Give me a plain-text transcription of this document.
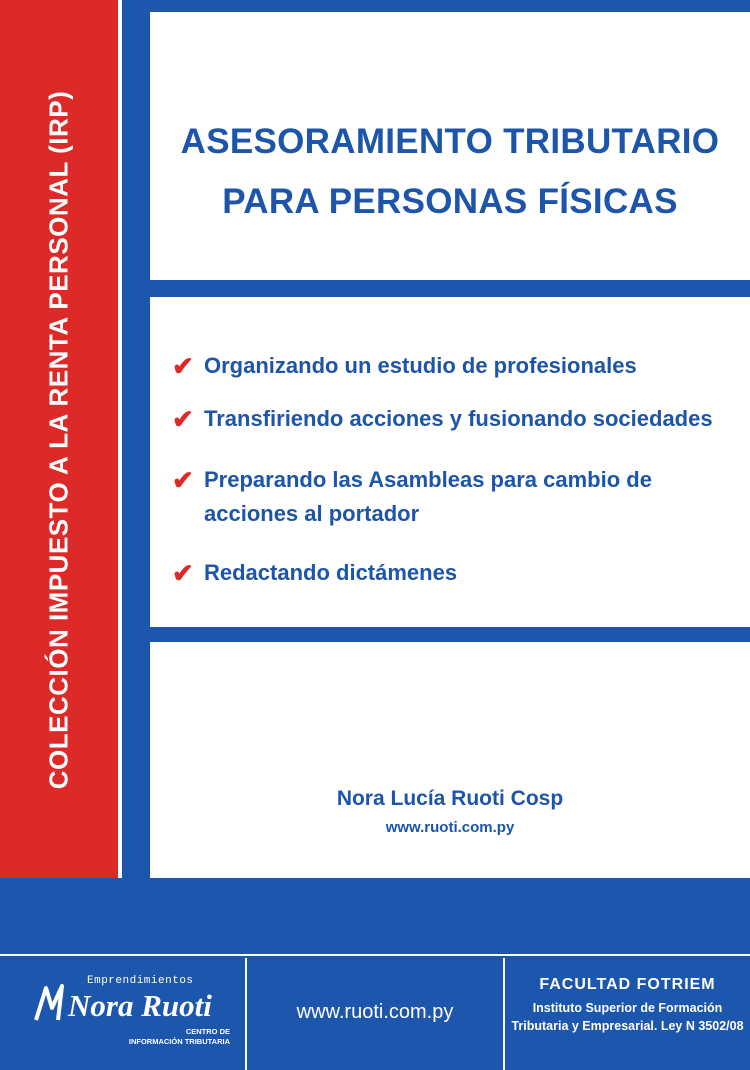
COLECCIÓN IMPUESTO A LA RENTA PERSONAL (IRP)	ASESORAMIENTO TRIBUTARIO
PARA PERSONAS FÍSICAS
✔ Organizando un estudio de profesionales
✔ Transfiriendo acciones y fusionando sociedades
✔ Preparando las Asambleas para cambio de
acciones al portador
✔ Redactando dictámenes
Nora Lucía Ruoti Cosp
www.ruoti.com.py
Emprendimientos
Nora Ruoti
CENTRO DE
INFORMACIÓN TRIBUTARIA
www.ruoti.com.py
FACULTAD FOTRIEM
Instituto Superior de Formación
Tributaria y Empresarial. Ley N 3502/08
